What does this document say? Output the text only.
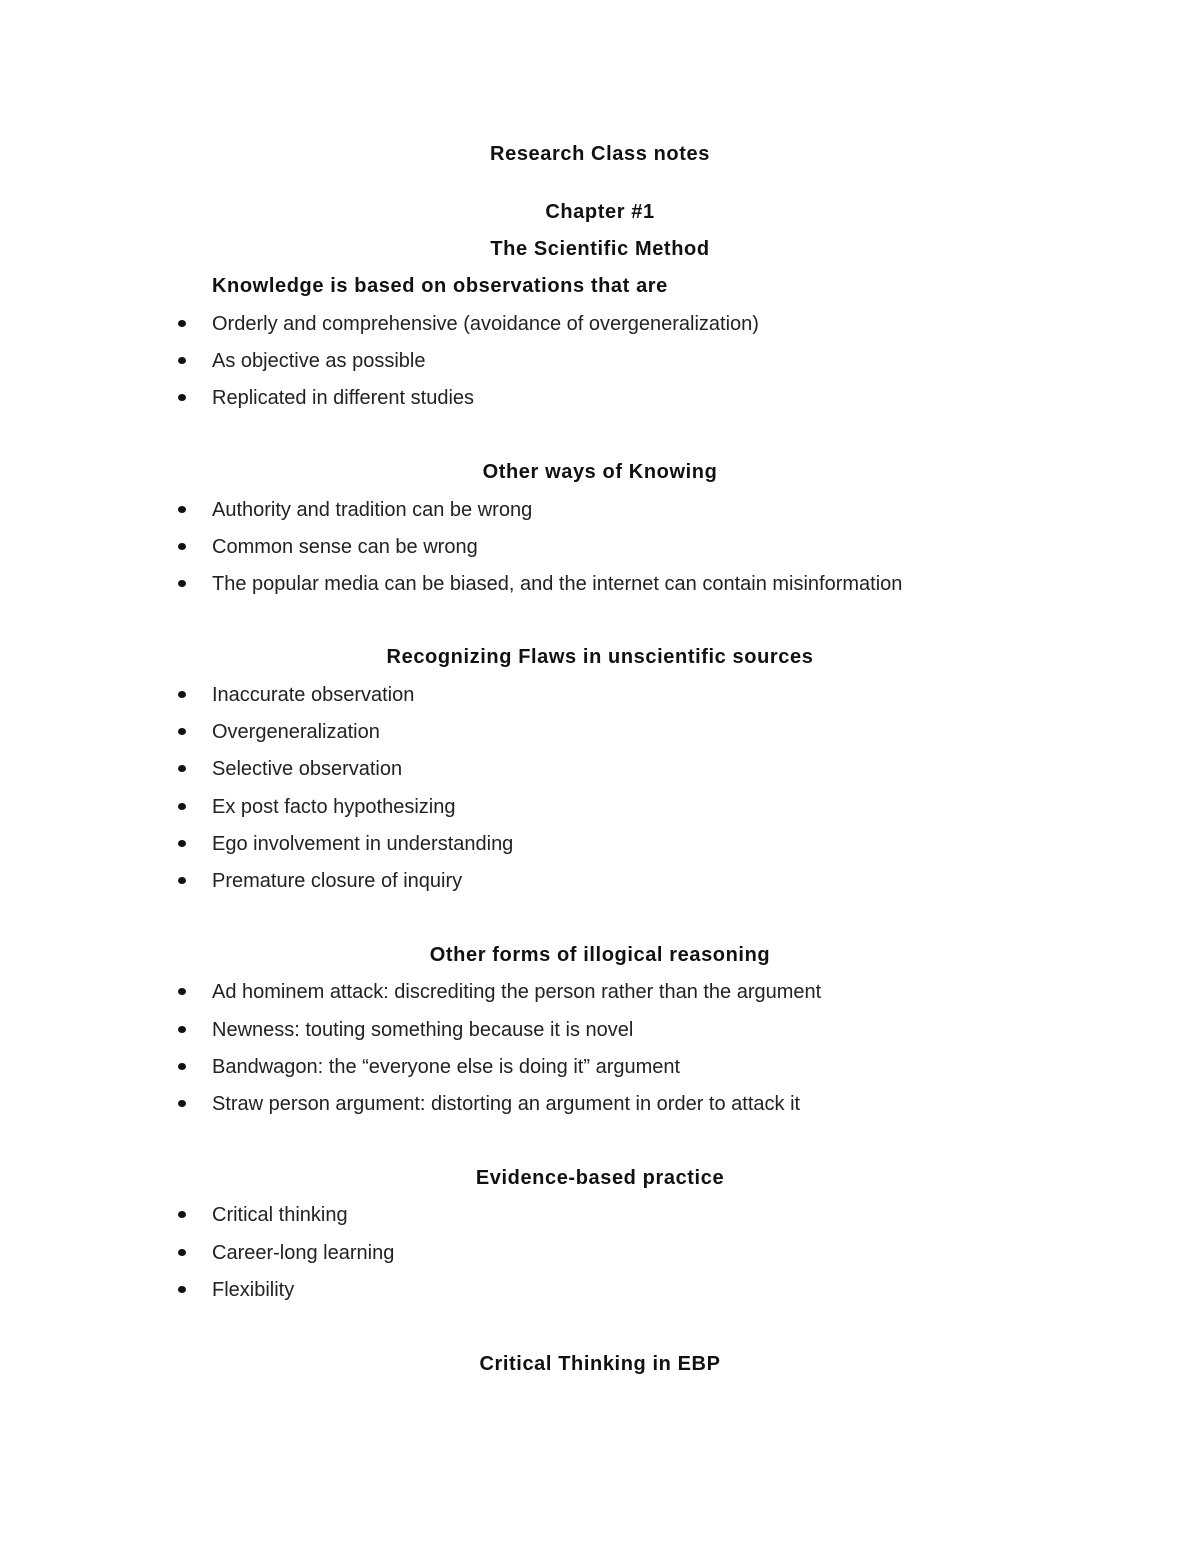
Research Class notes
Chapter #1
The Scientific Method
Knowledge is based on observations that are
Orderly and comprehensive (avoidance of overgeneralization)
As objective as possible
Replicated in different studies
Other ways of Knowing
Authority and tradition can be wrong
Common sense can be wrong
The popular media can be biased, and the internet can contain misinformation
Recognizing Flaws in unscientific sources
Inaccurate observation
Overgeneralization
Selective observation
Ex post facto hypothesizing
Ego involvement in understanding
Premature closure of inquiry
Other forms of illogical reasoning
Ad hominem attack: discrediting the person rather than the argument
Newness: touting something because it is novel
Bandwagon: the “everyone else is doing it” argument
Straw person argument: distorting an argument in order to attack it
Evidence-based practice
Critical thinking
Career-long learning
Flexibility
Critical Thinking in EBP
